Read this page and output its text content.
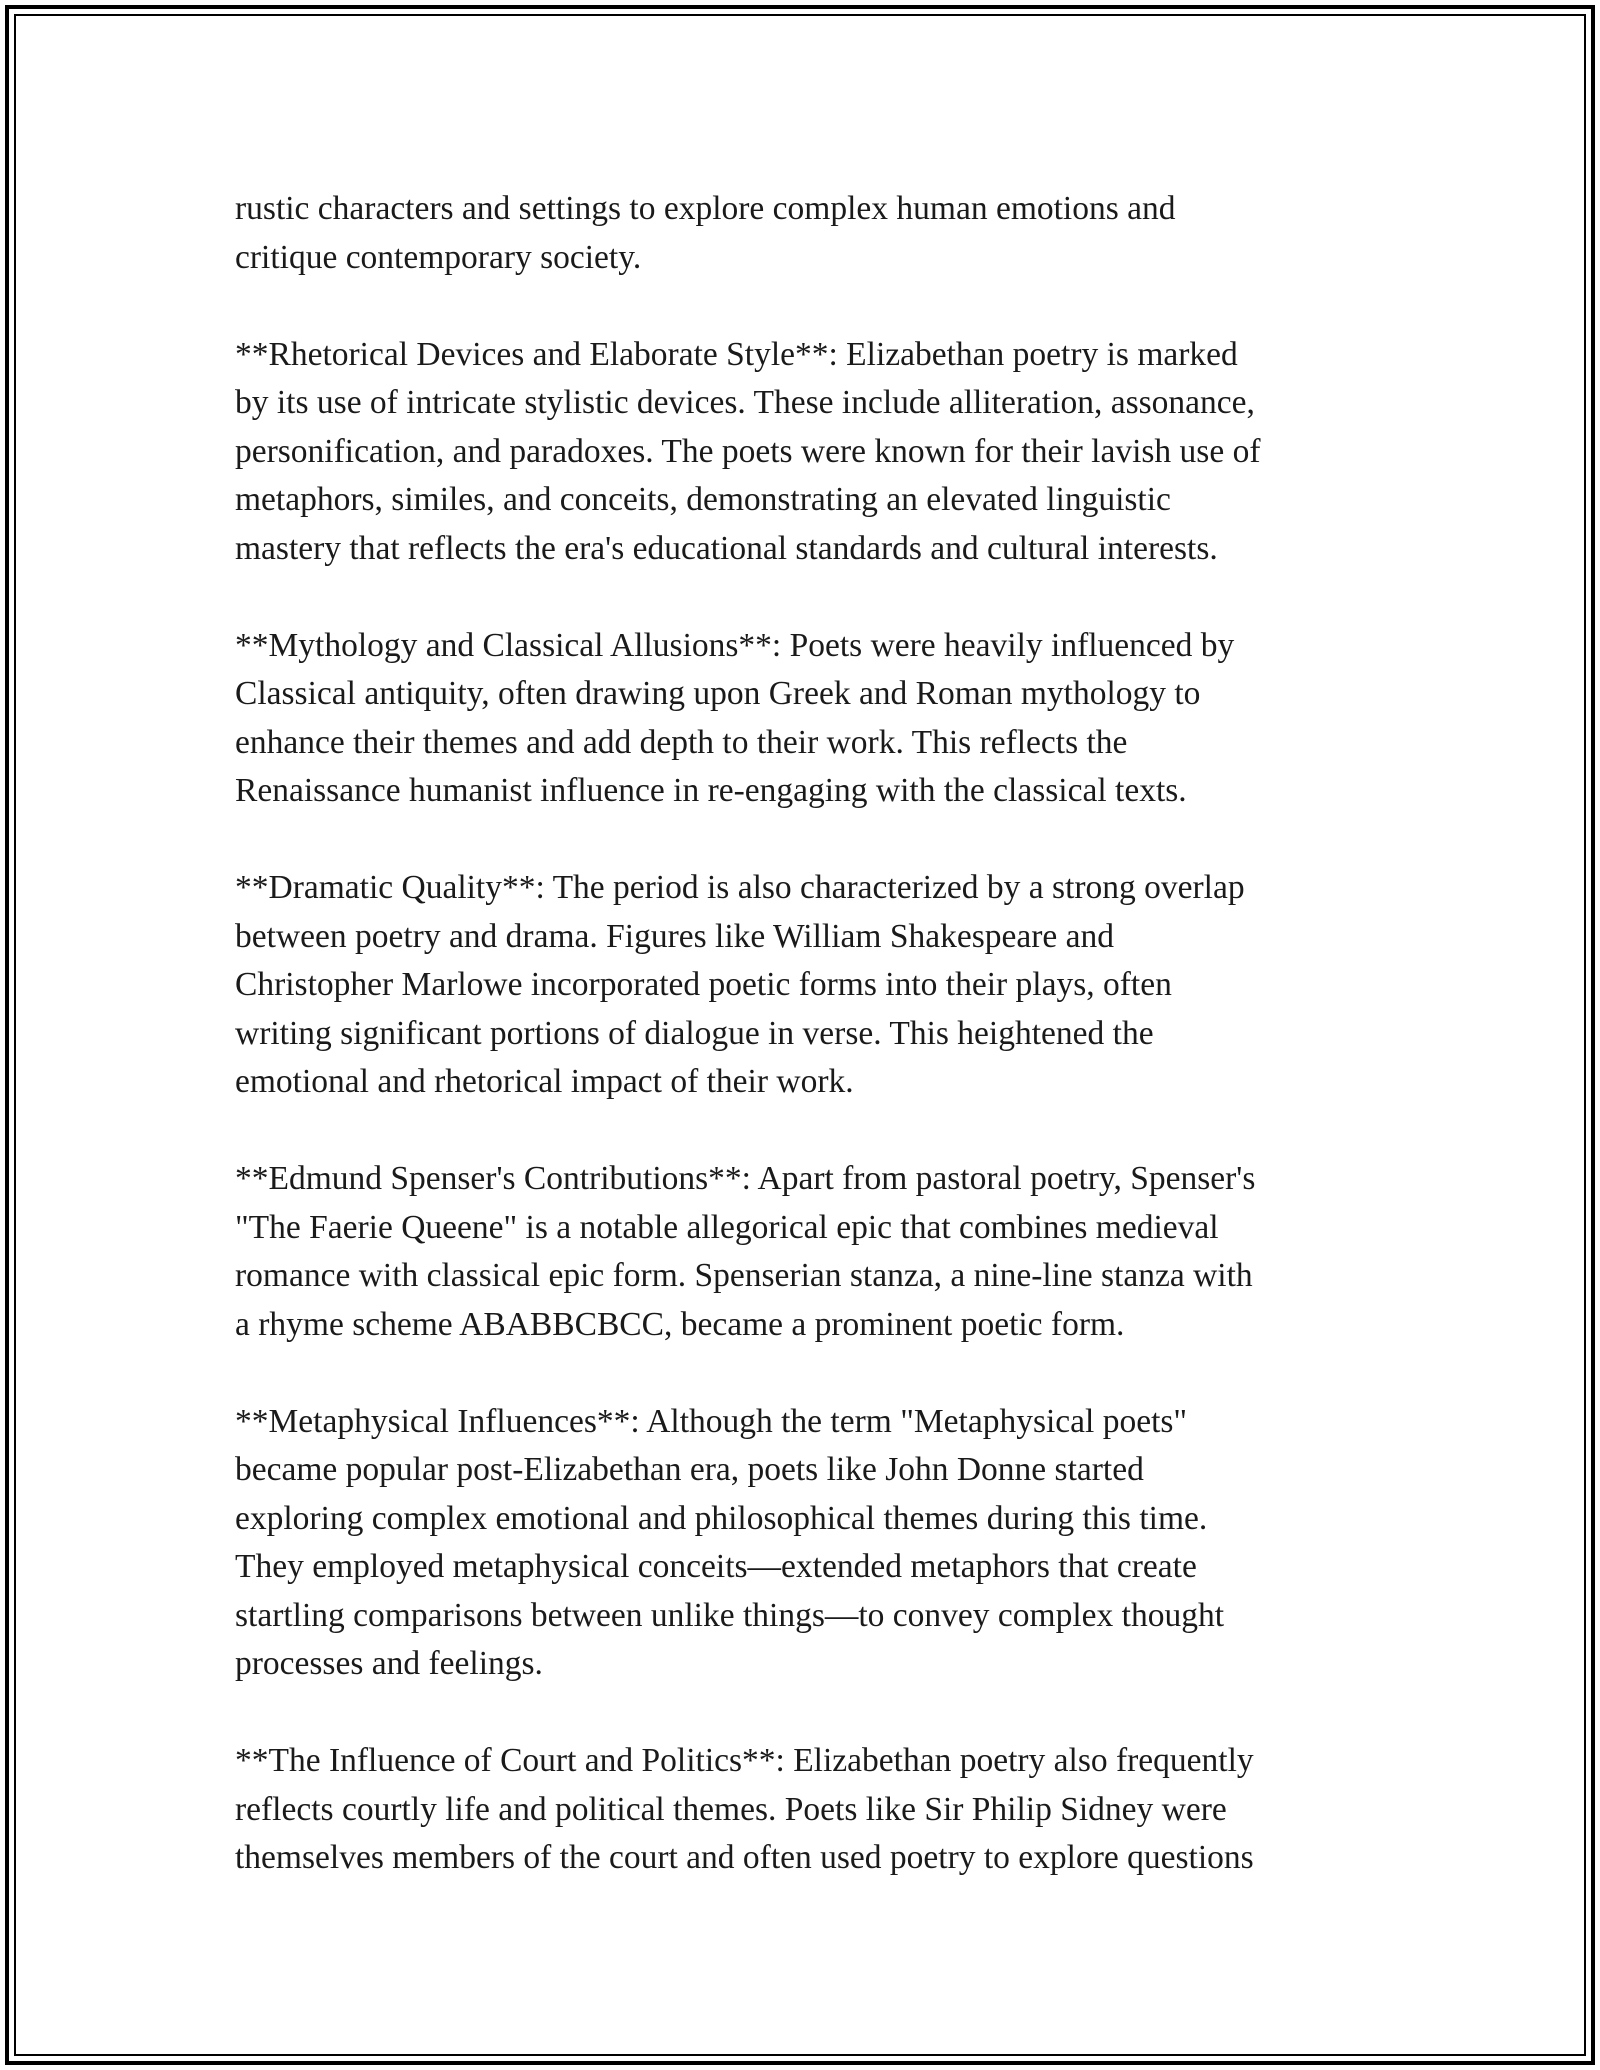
rustic characters and settings to explore complex human emotions and
critique contemporary society.

**Rhetorical Devices and Elaborate Style**: Elizabethan poetry is marked
by its use of intricate stylistic devices. These include alliteration, assonance,
personification, and paradoxes. The poets were known for their lavish use of
metaphors, similes, and conceits, demonstrating an elevated linguistic
mastery that reflects the era's educational standards and cultural interests.

**Mythology and Classical Allusions**: Poets were heavily influenced by
Classical antiquity, often drawing upon Greek and Roman mythology to
enhance their themes and add depth to their work. This reflects the
Renaissance humanist influence in re-engaging with the classical texts.

**Dramatic Quality**: The period is also characterized by a strong overlap
between poetry and drama. Figures like William Shakespeare and
Christopher Marlowe incorporated poetic forms into their plays, often
writing significant portions of dialogue in verse. This heightened the
emotional and rhetorical impact of their work.

**Edmund Spenser's Contributions**: Apart from pastoral poetry, Spenser's
"The Faerie Queene" is a notable allegorical epic that combines medieval
romance with classical epic form. Spenserian stanza, a nine-line stanza with
a rhyme scheme ABABBCBCC, became a prominent poetic form.

**Metaphysical Influences**: Although the term "Metaphysical poets"
became popular post-Elizabethan era, poets like John Donne started
exploring complex emotional and philosophical themes during this time.
They employed metaphysical conceits—extended metaphors that create
startling comparisons between unlike things—to convey complex thought
processes and feelings.

**The Influence of Court and Politics**: Elizabethan poetry also frequently
reflects courtly life and political themes. Poets like Sir Philip Sidney were
themselves members of the court and often used poetry to explore questions
